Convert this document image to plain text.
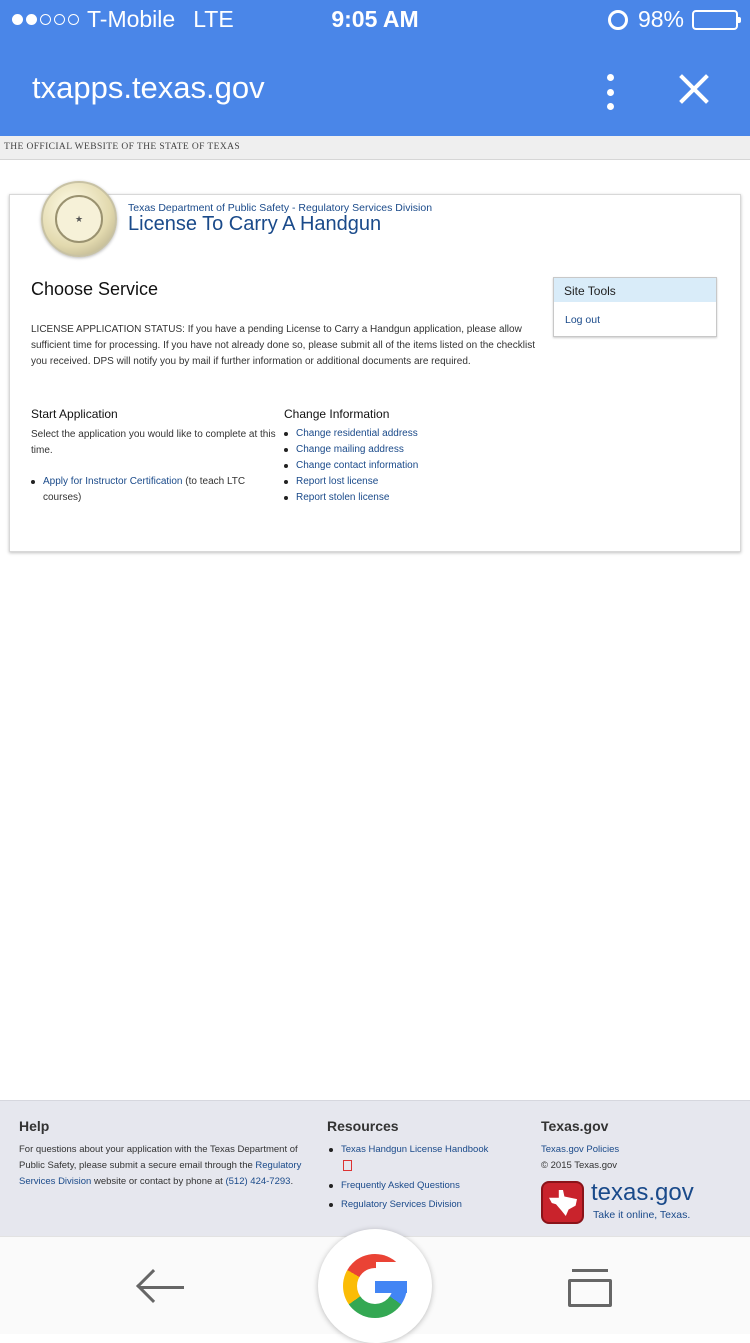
T-Mobile LTE	9:05 AM	98%
txapps.texas.gov
THE OFFICIAL WEBSITE OF THE STATE OF TEXAS
★
Texas Department of Public Safety - Regulatory Services Division
License To Carry A Handgun
Choose Service	Site Tools
Log out
LICENSE APPLICATION STATUS: If you have a pending License to Carry a Handgun application, please allow sufficient time for processing. If you have not already done so, please submit all of the items listed on the checklist you received. DPS will notify you by mail if further information or additional documents are required.
Start Application
Select the application you would like to complete at this time.
Apply for Instructor Certification (to teach LTC courses)
Change Information
Change residential address
Change mailing address
Change contact information
Report lost license
Report stolen license
Help
For questions about your application with the Texas Department of Public Safety, please submit a secure email through the Regulatory Services Division website or contact by phone at (512) 424-7293.
Resources
Texas Handgun License Handbook
Frequently Asked Questions
Regulatory Services Division
Texas.gov
Texas.gov Policies
© 2015 Texas.gov
texas.gov
Take it online, Texas.
